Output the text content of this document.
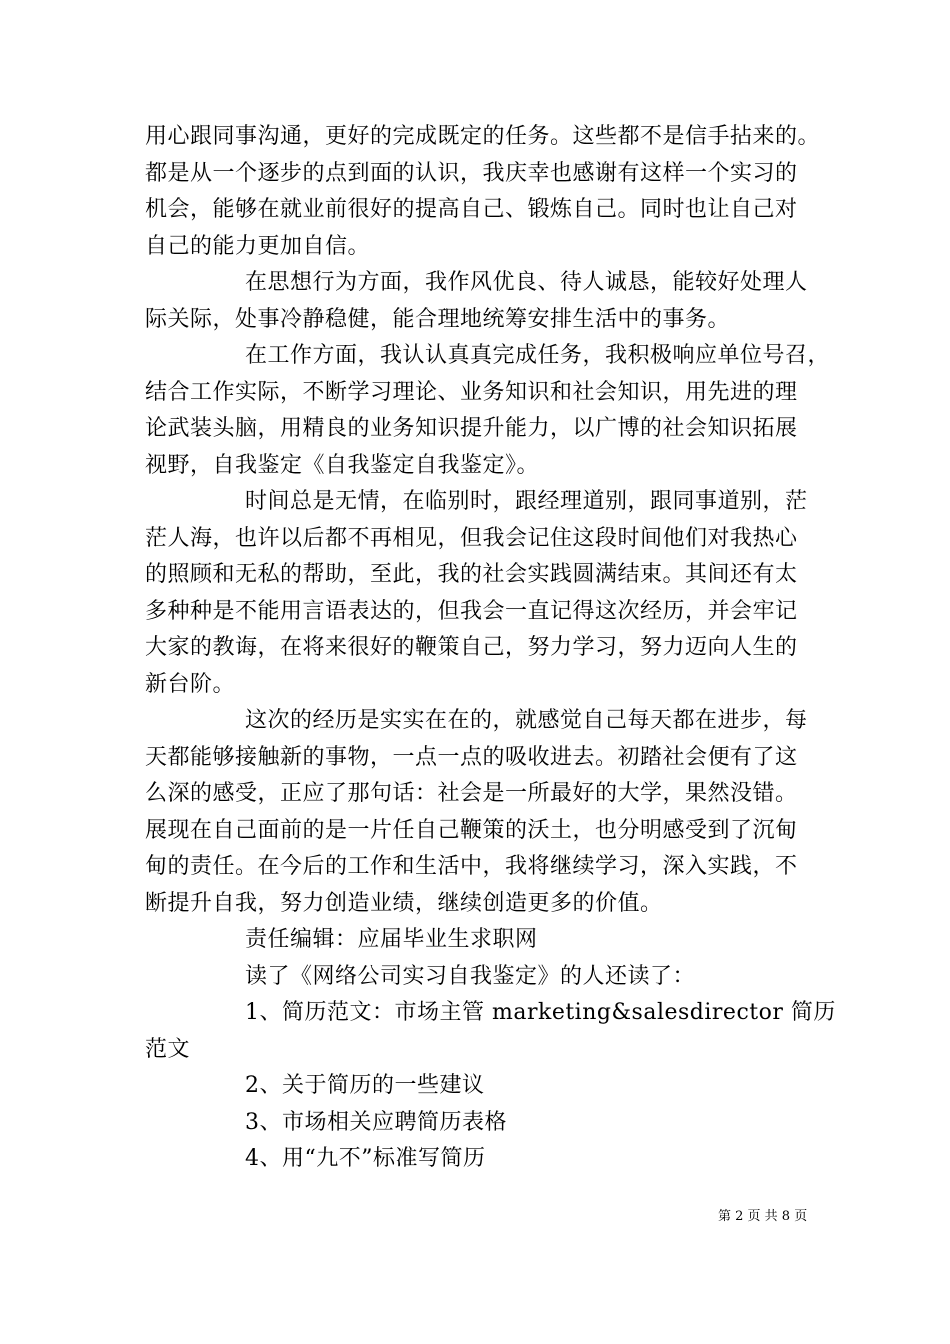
用心跟同事沟通，更好的完成既定的任务。这些都不是信手拈来的。
都是从一个逐步的点到面的认识，我庆幸也感谢有这样一个实习的
机会，能够在就业前很好的提高自己、锻炼自己。同时也让自己对
自己的能力更加自信。
在思想行为方面，我作风优良、待人诚恳，能较好处理人
际关际，处事冷静稳健，能合理地统筹安排生活中的事务。
在工作方面，我认认真真完成任务，我积极响应单位号召，
结合工作实际，不断学习理论、业务知识和社会知识，用先进的理
论武装头脑，用精良的业务知识提升能力，以广博的社会知识拓展
视野，自我鉴定《自我鉴定自我鉴定》。
时间总是无情，在临别时，跟经理道别，跟同事道别，茫
茫人海，也许以后都不再相见，但我会记住这段时间他们对我热心
的照顾和无私的帮助，至此，我的社会实践圆满结束。其间还有太
多种种是不能用言语表达的，但我会一直记得这次经历，并会牢记
大家的教诲，在将来很好的鞭策自己，努力学习，努力迈向人生的
新台阶。
这次的经历是实实在在的，就感觉自己每天都在进步，每
天都能够接触新的事物，一点一点的吸收进去。初踏社会便有了这
么深的感受，正应了那句话：社会是一所最好的大学，果然没错。
展现在自己面前的是一片任自己鞭策的沃土，也分明感受到了沉甸
甸的责任。在今后的工作和生活中，我将继续学习，深入实践，不
断提升自我，努力创造业绩，继续创造更多的价值。
责任编辑：应届毕业生求职网
读了《网络公司实习自我鉴定》的人还读了：
1、简历范文：市场主管 marketing&salesdirector 简历
范文
2、关于简历的一些建议
3、市场相关应聘简历表格
4、用“九不”标准写简历
第 2 页 共 8 页
